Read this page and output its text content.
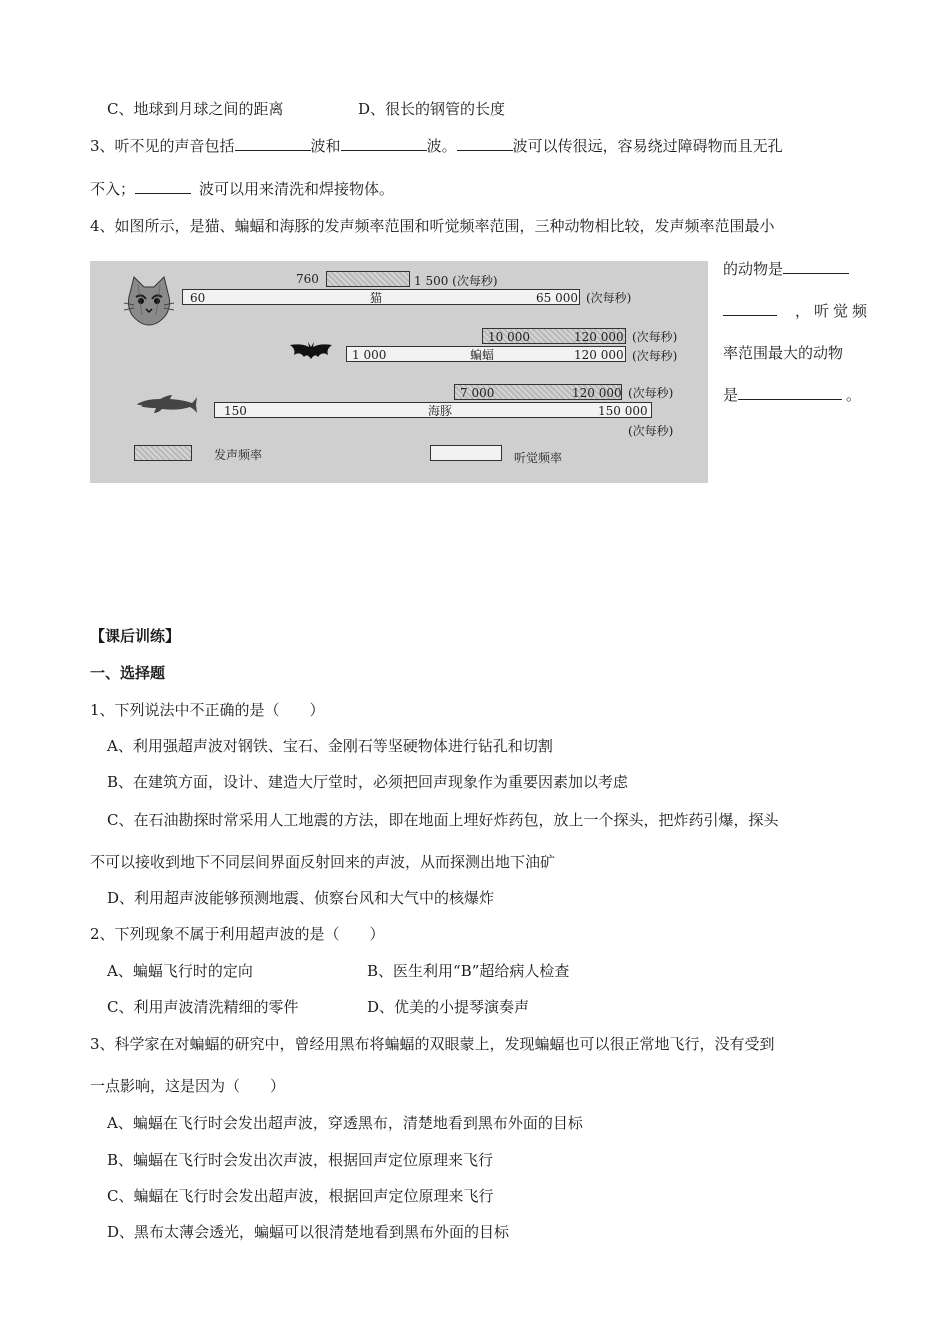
C、地球到月球之间的距离	D、很长的钢管的长度
3、听不见的声音包括	波和	波。	波可以传很远，容易绕过障碍物而且无孔
不入；	波可以用来清洗和焊接物体。
4、如图所示，是猫、蝙蝠和海豚的发声频率范围和听觉频率范围，三种动物相比较，发声频率范围最小
760	1 500 (次每秒)
60	猫	65 000 (次每秒)
10 000	120 000 (次每秒)
1 000	蝙蝠	120 000 (次每秒)
7 000	120 000 (次每秒)
150	海豚	150 000
(次每秒)
发声频率	听觉频率
的动物是
，听觉频
率范围最大的动物
是	。
【课后训练】
一、选择题
1、下列说法中不正确的是（　　）
A、利用强超声波对钢铁、宝石、金刚石等坚硬物体进行钻孔和切割
B、在建筑方面，设计、建造大厅堂时，必须把回声现象作为重要因素加以考虑
C、在石油勘探时常采用人工地震的方法，即在地面上埋好炸药包，放上一个探头，把炸药引爆，探头
不可以接收到地下不同层间界面反射回来的声波，从而探测出地下油矿
D、利用超声波能够预测地震、侦察台风和大气中的核爆炸
2、下列现象不属于利用超声波的是（　　）
A、蝙蝠飞行时的定向	B、医生利用“B”超给病人检查
C、利用声波清洗精细的零件	D、优美的小提琴演奏声
3、科学家在对蝙蝠的研究中，曾经用黑布将蝙蝠的双眼蒙上，发现蝙蝠也可以很正常地飞行，没有受到
一点影响，这是因为（　　）
A、蝙蝠在飞行时会发出超声波，穿透黑布，清楚地看到黑布外面的目标
B、蝙蝠在飞行时会发出次声波，根据回声定位原理来飞行
C、蝙蝠在飞行时会发出超声波，根据回声定位原理来飞行
D、黑布太薄会透光，蝙蝠可以很清楚地看到黑布外面的目标
